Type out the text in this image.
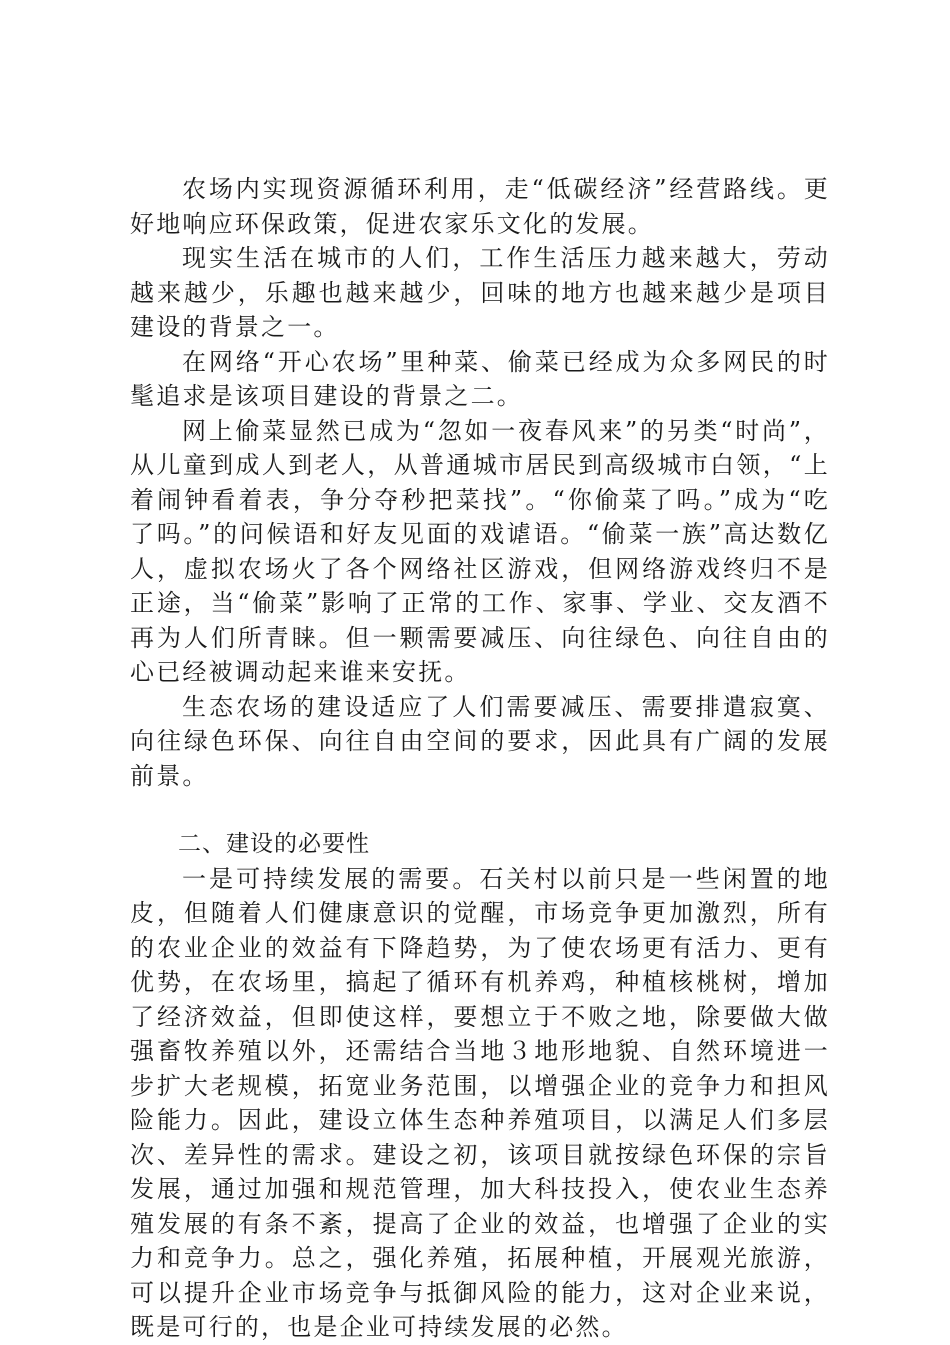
农场内实现资源循环利用，走“低碳经济”经营路线。更好地响应环保政策，促进农家乐文化的发展。

现实生活在城市的人们，工作生活压力越来越大，劳动越来越少，乐趣也越来越少，回味的地方也越来越少是项目建设的背景之一。

在网络“开心农场”里种菜、偷菜已经成为众多网民的时髦追求是该项目建设的背景之二。

网上偷菜显然已成为“忽如一夜春风来”的另类“时尚”，从儿童到成人到老人，从普通城市居民到高级城市白领，“上着闹钟看着表，争分夺秒把菜找”。“你偷菜了吗。”成为“吃了吗。”的问候语和好友见面的戏谑语。“偷菜一族”高达数亿人，虚拟农场火了各个网络社区游戏，但网络游戏终归不是正途，当“偷菜”影响了正常的工作、家事、学业、交友酒不再为人们所青睐。但一颗需要减压、向往绿色、向往自由的心已经被调动起来谁来安抚。

生态农场的建设适应了人们需要减压、需要排遣寂寞、向往绿色环保、向往自由空间的要求，因此具有广阔的发展前景。

二、建设的必要性

一是可持续发展的需要。石关村以前只是一些闲置的地皮，但随着人们健康意识的觉醒，市场竞争更加激烈，所有的农业企业的效益有下降趋势，为了使农场更有活力、更有优势，在农场里，搞起了循环有机养鸡，种植核桃树，增加了经济效益，但即使这样，要想立于不败之地，除要做大做强畜牧养殖以外，还需结合当地３地形地貌、自然环境进一步扩大老规模，拓宽业务范围，以增强企业的竞争力和担风险能力。因此，建设立体生态种养殖项目，以满足人们多层次、差异性的需求。建设之初，该项目就按绿色环保的宗旨发展，通过加强和规范管理，加大科技投入，使农业生态养殖发展的有条不紊，提高了企业的效益，也增强了企业的实力和竞争力。总之，强化养殖，拓展种植，开展观光旅游，可以提升企业市场竞争与抵御风险的能力，这对企业来说，既是可行的，也是企业可持续发展的必然。
